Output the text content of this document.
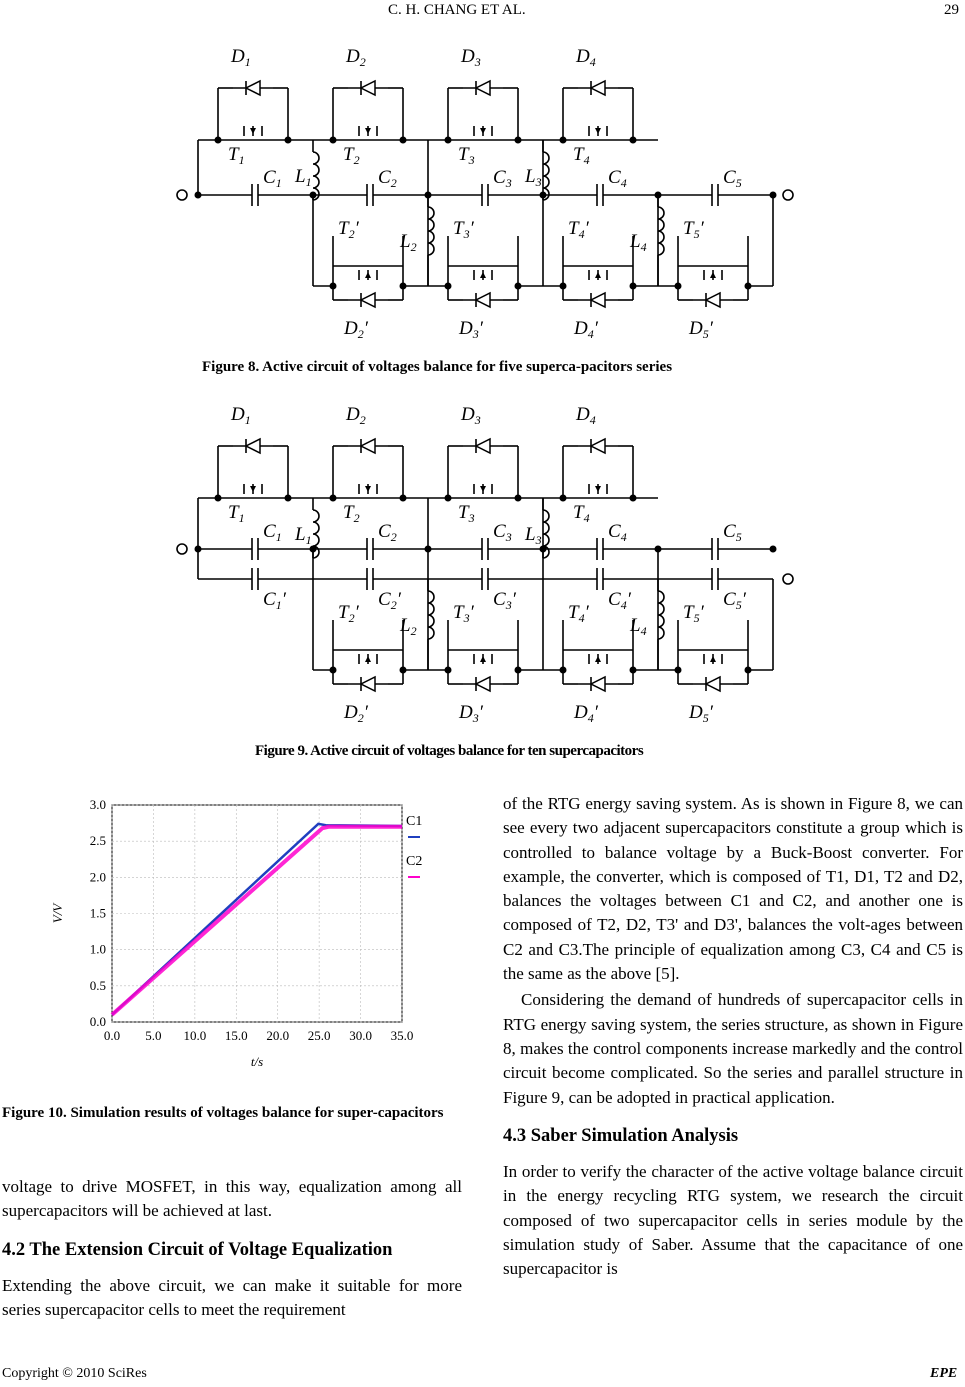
C. H. CHANG ET AL.	29
$D_1$
$T_1$
$D_2$
$T_2$
$D_3$
$T_3$
$D_4$
$T_4$
$C_1$	$C_2$	$C_3$	$C_4$	$C_5$
$L_1$
$L_2$
$L_3$
$L_4$
$D_2'$
$T_2'$
$D_3'$
$T_3'$
$D_4'$
$T_4'$
$D_5'$
$T_5'$
Figure 8. Active circuit of voltages balance for five superca-pacitors series
$D_1$
$T_1$
$D_2$
$T_2$
$D_3$
$T_3$
$D_4$
$T_4$
$C_1$
$C_1'$
$C_2$
$C_2'$
$C_3$
$C_3'$
$C_4$
$C_4'$
$C_5$
$C_5'$
$L_1$
$L_2$
$L_3$
$L_4$
$D_2'$
$T_2'$
$D_3'$
$T_3'$
$D_4'$
$T_4'$
$D_5'$
$T_5'$
Figure 9. Active circuit of voltages balance for ten supercapacitors
0.0 5.0 10.0 15.0 20.0 25.0 30.0 35.0
0.0
0.5
1.0
1.5
2.0
2.5
3.0
t/s
V/V
C1
C2
Figure 10. Simulation results of voltages balance for super-capacitors

voltage to drive MOSFET, in this way, equalization among all supercapacitors will be achieved at last.

4.2 The Extension Circuit of Voltage Equalization

Extending the above circuit, we can make it suitable for more series supercapacitor cells to meet the requirement

of the RTG energy saving system. As is shown in Figure 8, we can see every two adjacent supercapacitors constitute a group which is controlled to balance voltage by a Buck-Boost converter. For example, the converter, which is composed of T1, D1, T2 and D2, balances the voltages between C1 and C2, and another one is composed of T2, D2, T3' and D3', balances the volt-ages between C2 and C3.The principle of equalization among C3, C4 and C5 is the same as the above [5].

Considering the demand of hundreds of supercapacitor cells in RTG energy saving system, the series structure, as shown in Figure 8, makes the control components increase markedly and the control circuit become complicated. So the series and parallel structure in Figure 9, can be adopted in practical application.

4.3 Saber Simulation Analysis

In order to verify the character of the active voltage balance circuit in the energy recycling RTG system, we research the circuit composed of two supercapacitor cells in series module by the simulation study of Saber. Assume that the capacitance of one supercapacitor is

Copyright © 2010 SciRes	EPE
